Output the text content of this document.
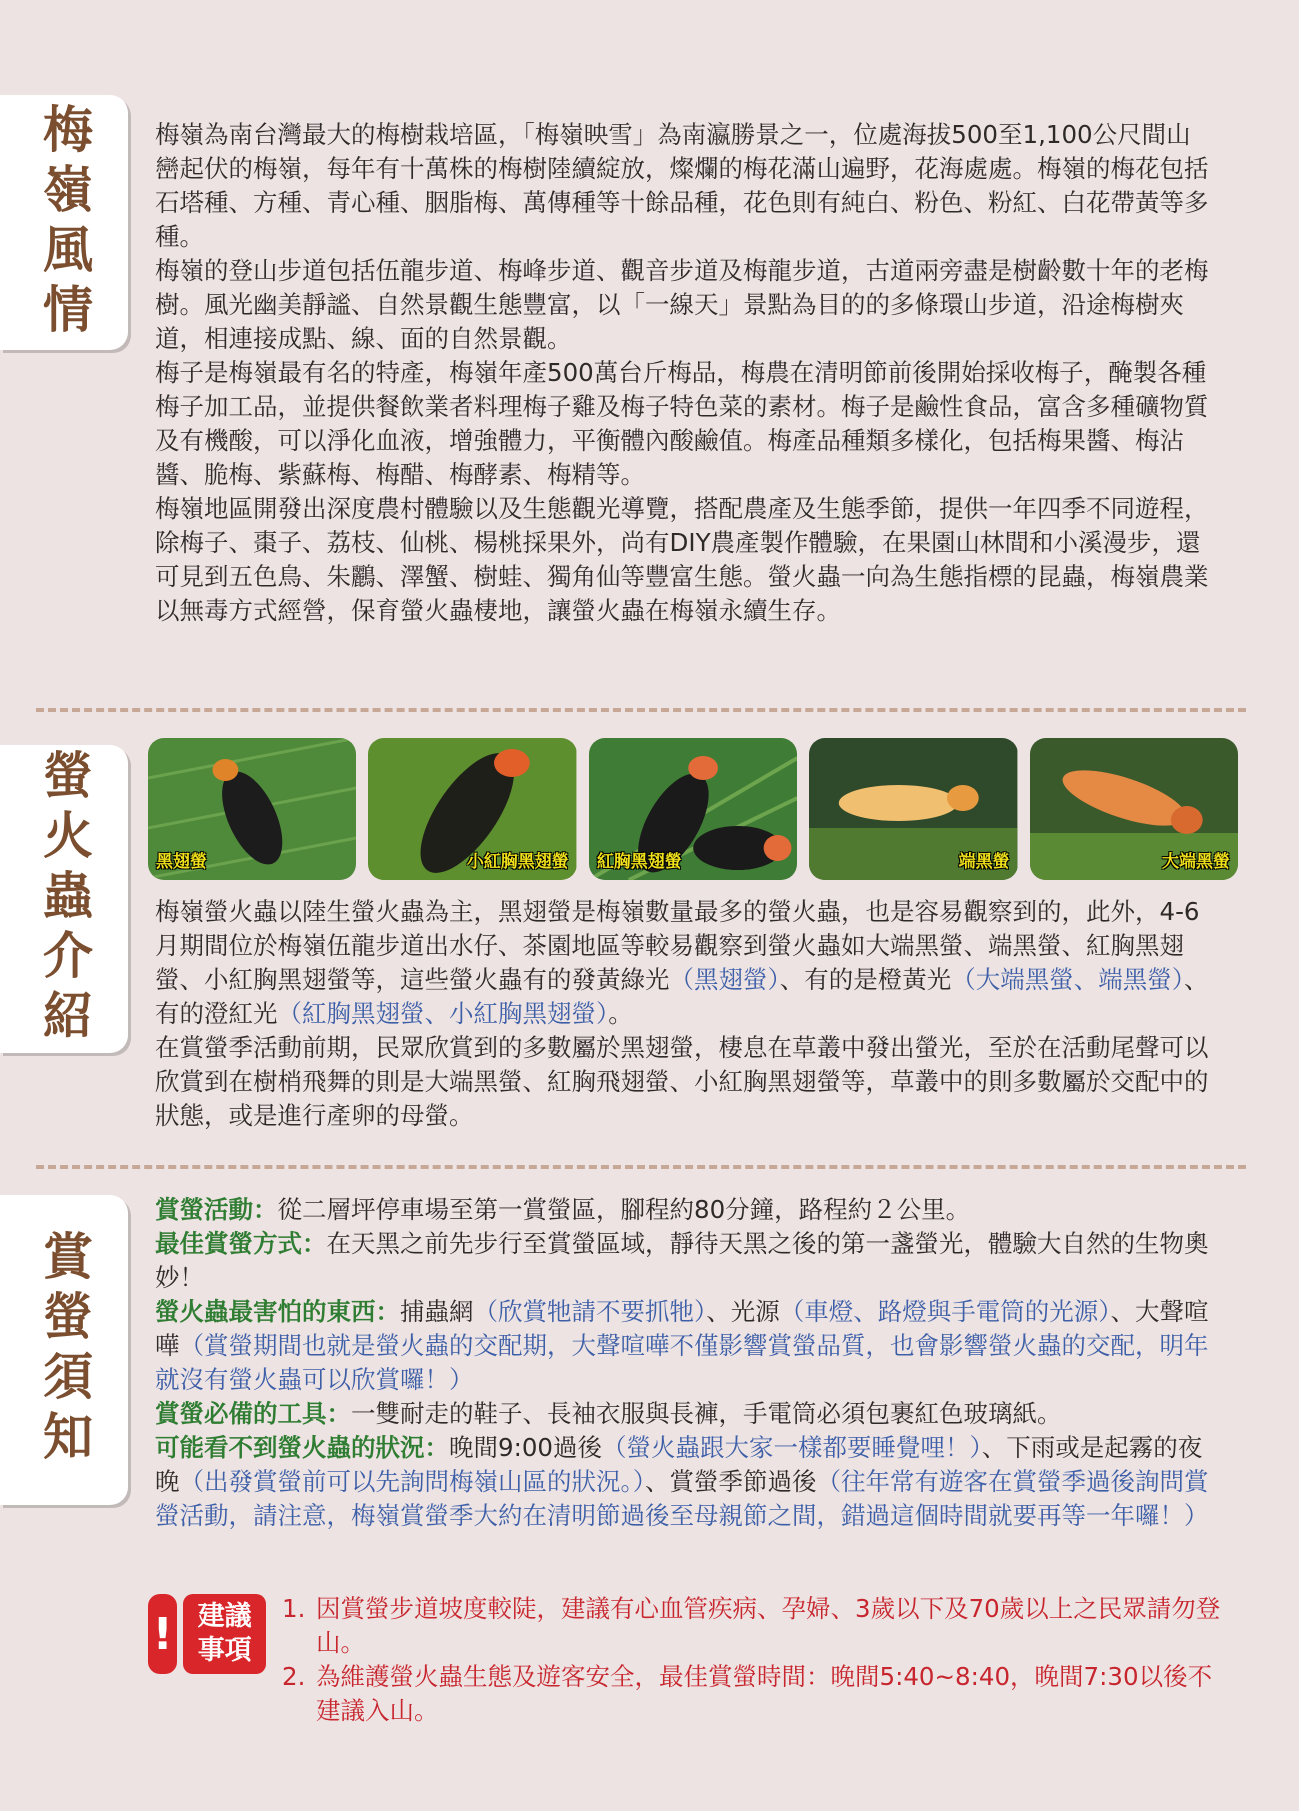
梅嶺風情 梅嶺為南台灣最大的梅樹栽培區，「梅嶺映雪」為南瀛勝景之一，位處海拔500至1,100公尺間山巒起伏的梅嶺，每年有十萬株的梅樹陸續綻放，燦爛的梅花滿山遍野，花海處處。梅嶺的梅花包括石塔種、方種、青心種、胭脂梅、萬傳種等十餘品種，花色則有純白、粉色、粉紅、白花帶黃等多種。

梅嶺的登山步道包括伍龍步道、梅峰步道、觀音步道及梅龍步道，古道兩旁盡是樹齡數十年的老梅樹。風光幽美靜謐、自然景觀生態豐富，以「一線天」景點為目的的多條環山步道，沿途梅樹夾道，相連接成點、線、面的自然景觀。

梅子是梅嶺最有名的特產，梅嶺年產500萬台斤梅品，梅農在清明節前後開始採收梅子，醃製各種梅子加工品，並提供餐飲業者料理梅子雞及梅子特色菜的素材。梅子是鹼性食品，富含多種礦物質及有機酸，可以淨化血液，增強體力，平衡體內酸鹼值。梅產品種類多樣化，包括梅果醬、梅沾醬、脆梅、紫蘇梅、梅醋、梅酵素、梅精等。

梅嶺地區開發出深度農村體驗以及生態觀光導覽，搭配農產及生態季節，提供一年四季不同遊程，除梅子、棗子、荔枝、仙桃、楊桃採果外，尚有DIY農產製作體驗，在果園山林間和小溪漫步，還可見到五色鳥、朱鸝、澤蟹、樹蛙、獨角仙等豐富生態。螢火蟲一向為生態指標的昆蟲，梅嶺農業以無毒方式經營，保育螢火蟲棲地，讓螢火蟲在梅嶺永續生存。

螢火蟲介紹	黑翅螢	小紅胸黑翅螢 紅胸黑翅螢	端黑螢	大端黑螢

梅嶺螢火蟲以陸生螢火蟲為主，黑翅螢是梅嶺數量最多的螢火蟲，也是容易觀察到的，此外，4-6月期間位於梅嶺伍龍步道出水仔、茶園地區等較易觀察到螢火蟲如大端黑螢、端黑螢、紅胸黑翅螢、小紅胸黑翅螢等，這些螢火蟲有的發黃綠光（黑翅螢）、有的是橙黃光（大端黑螢、端黑螢）、有的澄紅光（紅胸黑翅螢、小紅胸黑翅螢）。

在賞螢季活動前期，民眾欣賞到的多數屬於黑翅螢，棲息在草叢中發出螢光，至於在活動尾聲可以欣賞到在樹梢飛舞的則是大端黑螢、紅胸飛翅螢、小紅胸黑翅螢等，草叢中的則多數屬於交配中的狀態，或是進行產卵的母螢。

賞螢須知

賞螢活動：從二層坪停車場至第一賞螢區，腳程約80分鐘，路程約２公里。

最佳賞螢方式：在天黑之前先步行至賞螢區域，靜待天黑之後的第一盞螢光，體驗大自然的生物奧妙！

螢火蟲最害怕的東西：捕蟲網（欣賞牠請不要抓牠）、光源（車燈、路燈與手電筒的光源）、大聲喧嘩（賞螢期間也就是螢火蟲的交配期，大聲喧嘩不僅影響賞螢品質，也會影響螢火蟲的交配，明年就沒有螢火蟲可以欣賞囉！）

賞螢必備的工具：一雙耐走的鞋子、長袖衣服與長褲，手電筒必須包裹紅色玻璃紙。

可能看不到螢火蟲的狀況：晚間9:00過後（螢火蟲跟大家一樣都要睡覺哩！）、下雨或是起霧的夜晚（出發賞螢前可以先詢問梅嶺山區的狀況。）、賞螢季節過後（往年常有遊客在賞螢季過後詢問賞螢活動，請注意，梅嶺賞螢季大約在清明節過後至母親節之間，錯過這個時間就要再等一年囉！）

! 建議事項
1. 因賞螢步道坡度較陡，建議有心血管疾病、孕婦、3歲以下及70歲以上之民眾請勿登山。
2. 為維護螢火蟲生態及遊客安全，最佳賞螢時間：晚間5:40~8:40，晚間7:30以後不建議入山。
